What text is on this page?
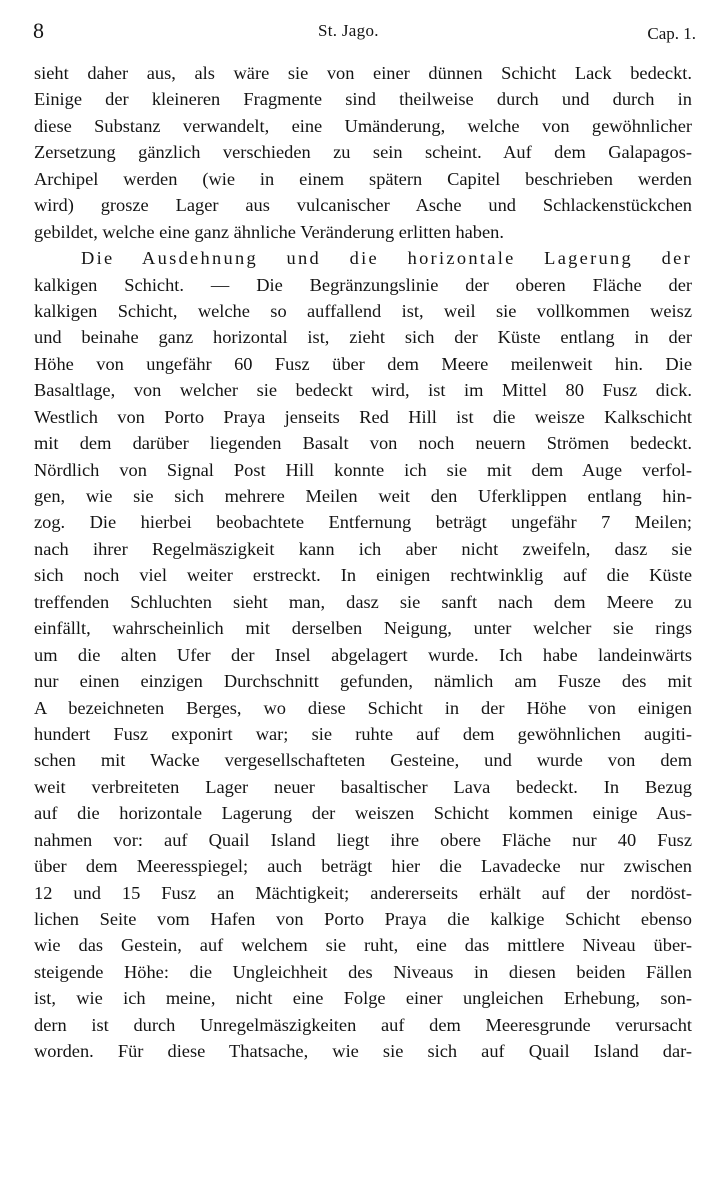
8	St. Jago.	Cap. 1.
sieht daher aus, als wäre sie von einer dünnen Schicht Lack bedeckt.
Einige der kleineren Fragmente sind theilweise durch und durch in
diese Substanz verwandelt, eine Umänderung, welche von gewöhnlicher
Zersetzung gänzlich verschieden zu sein scheint. Auf dem Galapagos-
Archipel werden (wie in einem spätern Capitel beschrieben werden
wird) grosze Lager aus vulcanischer Asche und Schlackenstückchen
gebildet, welche eine ganz ähnliche Veränderung erlitten haben.
Die Ausdehnung und die horizontale Lagerung der
kalkigen Schicht. — Die Begränzungslinie der oberen Fläche der
kalkigen Schicht, welche so auffallend ist, weil sie vollkommen weisz
und beinahe ganz horizontal ist, zieht sich der Küste entlang in der
Höhe von ungefähr 60 Fusz über dem Meere meilenweit hin. Die
Basaltlage, von welcher sie bedeckt wird, ist im Mittel 80 Fusz dick.
Westlich von Porto Praya jenseits Red Hill ist die weisze Kalkschicht
mit dem darüber liegenden Basalt von noch neuern Strömen bedeckt.
Nördlich von Signal Post Hill konnte ich sie mit dem Auge verfol-
gen, wie sie sich mehrere Meilen weit den Uferklippen entlang hin-
zog. Die hierbei beobachtete Entfernung beträgt ungefähr 7 Meilen;
nach ihrer Regelmäszigkeit kann ich aber nicht zweifeln, dasz sie
sich noch viel weiter erstreckt. In einigen rechtwinklig auf die Küste
treffenden Schluchten sieht man, dasz sie sanft nach dem Meere zu
einfällt, wahrscheinlich mit derselben Neigung, unter welcher sie rings
um die alten Ufer der Insel abgelagert wurde. Ich habe landeinwärts
nur einen einzigen Durchschnitt gefunden, nämlich am Fusze des mit
A bezeichneten Berges, wo diese Schicht in der Höhe von einigen
hundert Fusz exponirt war; sie ruhte auf dem gewöhnlichen augiti-
schen mit Wacke vergesellschafteten Gesteine, und wurde von dem
weit verbreiteten Lager neuer basaltischer Lava bedeckt. In Bezug
auf die horizontale Lagerung der weiszen Schicht kommen einige Aus-
nahmen vor: auf Quail Island liegt ihre obere Fläche nur 40 Fusz
über dem Meeresspiegel; auch beträgt hier die Lavadecke nur zwischen
12 und 15 Fusz an Mächtigkeit; andererseits erhält auf der nordöst-
lichen Seite vom Hafen von Porto Praya die kalkige Schicht ebenso
wie das Gestein, auf welchem sie ruht, eine das mittlere Niveau über-
steigende Höhe: die Ungleichheit des Niveaus in diesen beiden Fällen
ist, wie ich meine, nicht eine Folge einer ungleichen Erhebung, son-
dern ist durch Unregelmäszigkeiten auf dem Meeresgrunde verursacht
worden. Für diese Thatsache, wie sie sich auf Quail Island dar-
